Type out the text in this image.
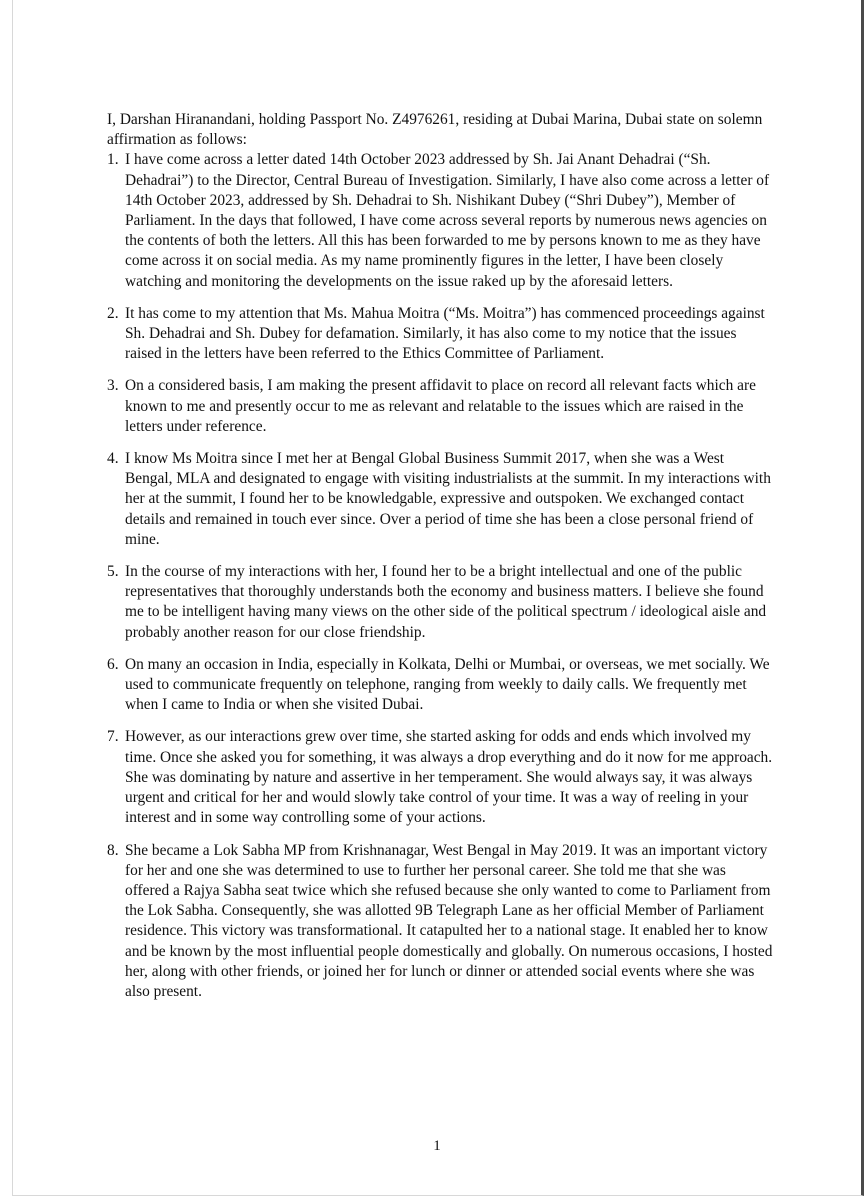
I, Darshan Hiranandani, holding Passport No. Z4976261, residing at Dubai Marina, Dubai state on solemn affirmation as follows:

1. I have come across a letter dated 14th October 2023 addressed by Sh. Jai Anant Dehadrai (“Sh. Dehadrai”) to the Director, Central Bureau of Investigation. Similarly, I have also come across a letter of 14th October 2023, addressed by Sh. Dehadrai to Sh. Nishikant Dubey (“Shri Dubey”), Member of Parliament. In the days that followed, I have come across several reports by numerous news agencies on the contents of both the letters. All this has been forwarded to me by persons known to me as they have come across it on social media. As my name prominently figures in the letter, I have been closely watching and monitoring the developments on the issue raked up by the aforesaid letters.
2. It has come to my attention that Ms. Mahua Moitra (“Ms. Moitra”) has commenced proceedings against Sh. Dehadrai and Sh. Dubey for defamation. Similarly, it has also come to my notice that the issues raised in the letters have been referred to the Ethics Committee of Parliament.
3. On a considered basis, I am making the present affidavit to place on record all relevant facts which are known to me and presently occur to me as relevant and relatable to the issues which are raised in the letters under reference.
4. I know Ms Moitra since I met her at Bengal Global Business Summit 2017, when she was a West Bengal, MLA and designated to engage with visiting industrialists at the summit. In my interactions with her at the summit, I found her to be knowledgable, expressive and outspoken. We exchanged contact details and remained in touch ever since. Over a period of time she has been a close personal friend of mine.
5. In the course of my interactions with her, I found her to be a bright intellectual and one of the public representatives that thoroughly understands both the economy and business matters. I believe she found me to be intelligent having many views on the other side of the political spectrum / ideological aisle and probably another reason for our close friendship.
6. On many an occasion in India, especially in Kolkata, Delhi or Mumbai, or overseas, we met socially. We used to communicate frequently on telephone, ranging from weekly to daily calls. We frequently met when I came to India or when she visited Dubai.
7. However, as our interactions grew over time, she started asking for odds and ends which involved my time. Once she asked you for something, it was always a drop everything and do it now for me approach. She was dominating by nature and assertive in her temperament. She would always say, it was always urgent and critical for her and would slowly take control of your time. It was a way of reeling in your interest and in some way controlling some of your actions.
8. She became a Lok Sabha MP from Krishnanagar, West Bengal in May 2019. It was an important victory for her and one she was determined to use to further her personal career. She told me that she was offered a Rajya Sabha seat twice which she refused because she only wanted to come to Parliament from the Lok Sabha. Consequently, she was allotted 9B Telegraph Lane as her official Member of Parliament residence. This victory was transformational. It catapulted her to a national stage. It enabled her to know and be known by the most influential people domestically and globally. On numerous occasions, I hosted her, along with other friends, or joined her for lunch or dinner or attended social events where she was also present.
1
